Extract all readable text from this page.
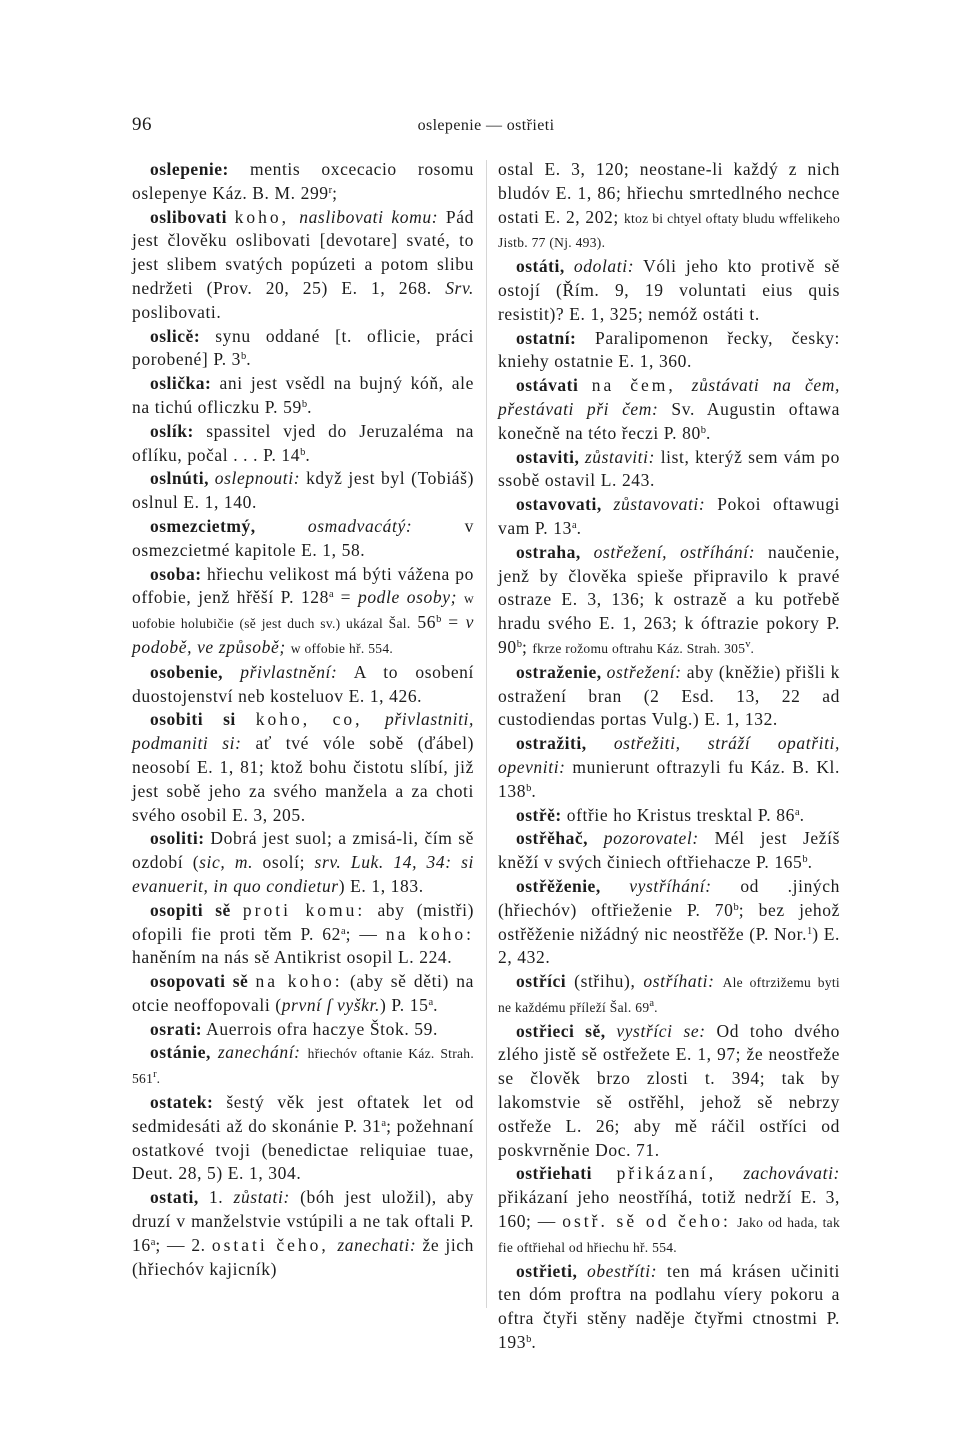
96	oslepenie — ostřieti

oslepenie: mentis oxcecacio rosomu oslepenye Káz. B. M. 299$^r$;

oslibovati koho, naslibovati komu: Pád jest člověku oslibovati [devotare] svaté, to jest slibem svatých popúzeti a potom slibu nedržeti (Prov. 20, 25) E. 1, 268. Srv. poslibovati.

oslicě: synu oddané [t. oflicie, práci porobené] P. 3$^b$.

oslička: ani jest vsědl na bujný kóň, ale na tichú ofliczku P. 59$^b$.

oslík: spassitel vjed do Jeruzaléma na oflíku, počal . . . P. 14$^b$.

oslnúti, oslepnouti: když jest byl (Tobiáš) oslnul E. 1, 140.

osmezcietmý, osmadvacátý: v osmezcietmé kapitole E. 1, 58.

osoba: hřiechu velikost má býti vážena po offobie, jenž hřěší P. $128^a$ = podle osoby; w uofobie holubičie (sě jest duch sv.) ukázal Šal. $56^b = v$ podobě, ve způsobě; w offobie hř. 554.

osobenie, přivlastnění: A to osobení duostojenství neb kosteluov E. 1, 426.

osobiti si koho, co, přivlastniti, podmaniti si: ať tvé vóle sobě (ďábel) neosobí E. 1, 81; ktož bohu čistotu slíbí, již jest sobě jeho za svého manžela a za choti svého osobil E. 3, 205.

osoliti: Dobrá jest suol; a zmisá-li, čím sě ozdobí (sic, m. osolí; srv. Luk. 14, 34: si evanuerit, in quo condietur) E. 1, 183.

osopiti sě proti komu: aby (mistři) ofopili fie proti těm P. 62$^a$; — na koho: haněním na nás sě Antikrist osopil L. 224.

osopovati sě na koho: (aby sě děti) na otcie neoffopovali (první ſ vyškr.) P. 15$^a$.

osrati: Auerrois ofra haczye Štok. 59.

ostánie, zanechání: hřiechóv oftanie Káz. Strah. 561$^r$.

ostatek: šestý věk jest oftatek let od sedmidesáti až do skonánie P. 31$^a$; požehnaní ostatkové tvoji (benedictae reliquiae tuae, Deut. 28, 5) E. 1, 304.

ostati, 1. zůstati: (bóh jest uložil), aby druzí v manželstvie vstúpili a ne tak oftali P. 16$^a$; — 2. ostati čeho, zanechati: že jich (hřiechóv kajicník)

ostal E. 3, 120; neostane-li každý z nich bludóv E. 1, 86; hřiechu smrtedlného nechce ostati E. 2, 202; ktoz bi chtyel oftaty bludu wffelikeho Jistb. 77 (Nj. 493).

ostáti, odolati: Vóli jeho kto protivě sě ostojí (Řím. 9, 19 voluntati eius quis resistit)? E. 1, 325; nemóž ostáti t.

ostatní: Paralipomenon řecky, česky: kniehy ostatnie E. 1, 360.

ostávati na čem, zůstávati na čem, přestávati při čem: Sv. Augustin oftawa konečně na této řeczi P. 80$^b$.

ostaviti, zůstaviti: list, kterýž sem vám po ssobě ostavil L. 243.

ostavovati, zůstavovati: Pokoi oftawugi vam P. 13$^a$.

ostraha, ostřežení, ostříhání: naučenie, jenž by člověka spieše připravilo k pravé ostraze E. 3, 136; k ostrazě a ku potřebě hradu svého E. 1, 263; k óftrazie pokory P. 90$^b$; fkrze rožomu oftrahu Káz. Strah. 305$^v$.

ostraženie, ostřežení: aby (kněžie) přišli k ostražení bran (2 Esd. 13, 22 ad custodiendas portas Vulg.) E. 1, 132.

ostražiti, ostřežiti, stráží opatřiti, opevniti: munierunt oftrazyli fu Káz. B. Kl. 138$^b$.

ostřě: oftřie ho Kristus tresktal P. 86$^a$.

ostřěhač, pozorovatel: Mél jest Ježíš kněží v svých činiech oftřiehacze P. 165$^b$.

ostřěženie, vystříhání: od .jiných (hřiechóv) oftřieženie P. 70$^b$; bez jehož ostřěženie nižádný nic neostřěže (P. Nor.$^1$) E. 2, 432.

ostříci (střihu), ostříhati: Ale oftrzižemu byti ne každému příleží Šal. 69$^a$.

ostřieci sě, vystříci se: Od toho dvého zlého jistě sě ostřežete E. 1, 97; že neostřeže se člověk brzo zlosti t. 394; tak by lakomstvie sě ostřěhl, jehož sě nebrzy ostřeže L. 26; aby mě ráčil ostříci od poskvrněnie Doc. 71.

ostřiehati přikázaní, zachovávati: přikázaní jeho neostříhá, totiž nedrží E. 3, 160; — ostř. sě od čeho: Jako od hada, tak fie oftřiehal od hřiechu hř. 554.

ostřieti, obestříti: ten má krásen učiniti ten dóm proftra na podlahu víery pokoru a oftra čtyři stěny naděje čtyřmi ctnostmi P. 193$^b$.
